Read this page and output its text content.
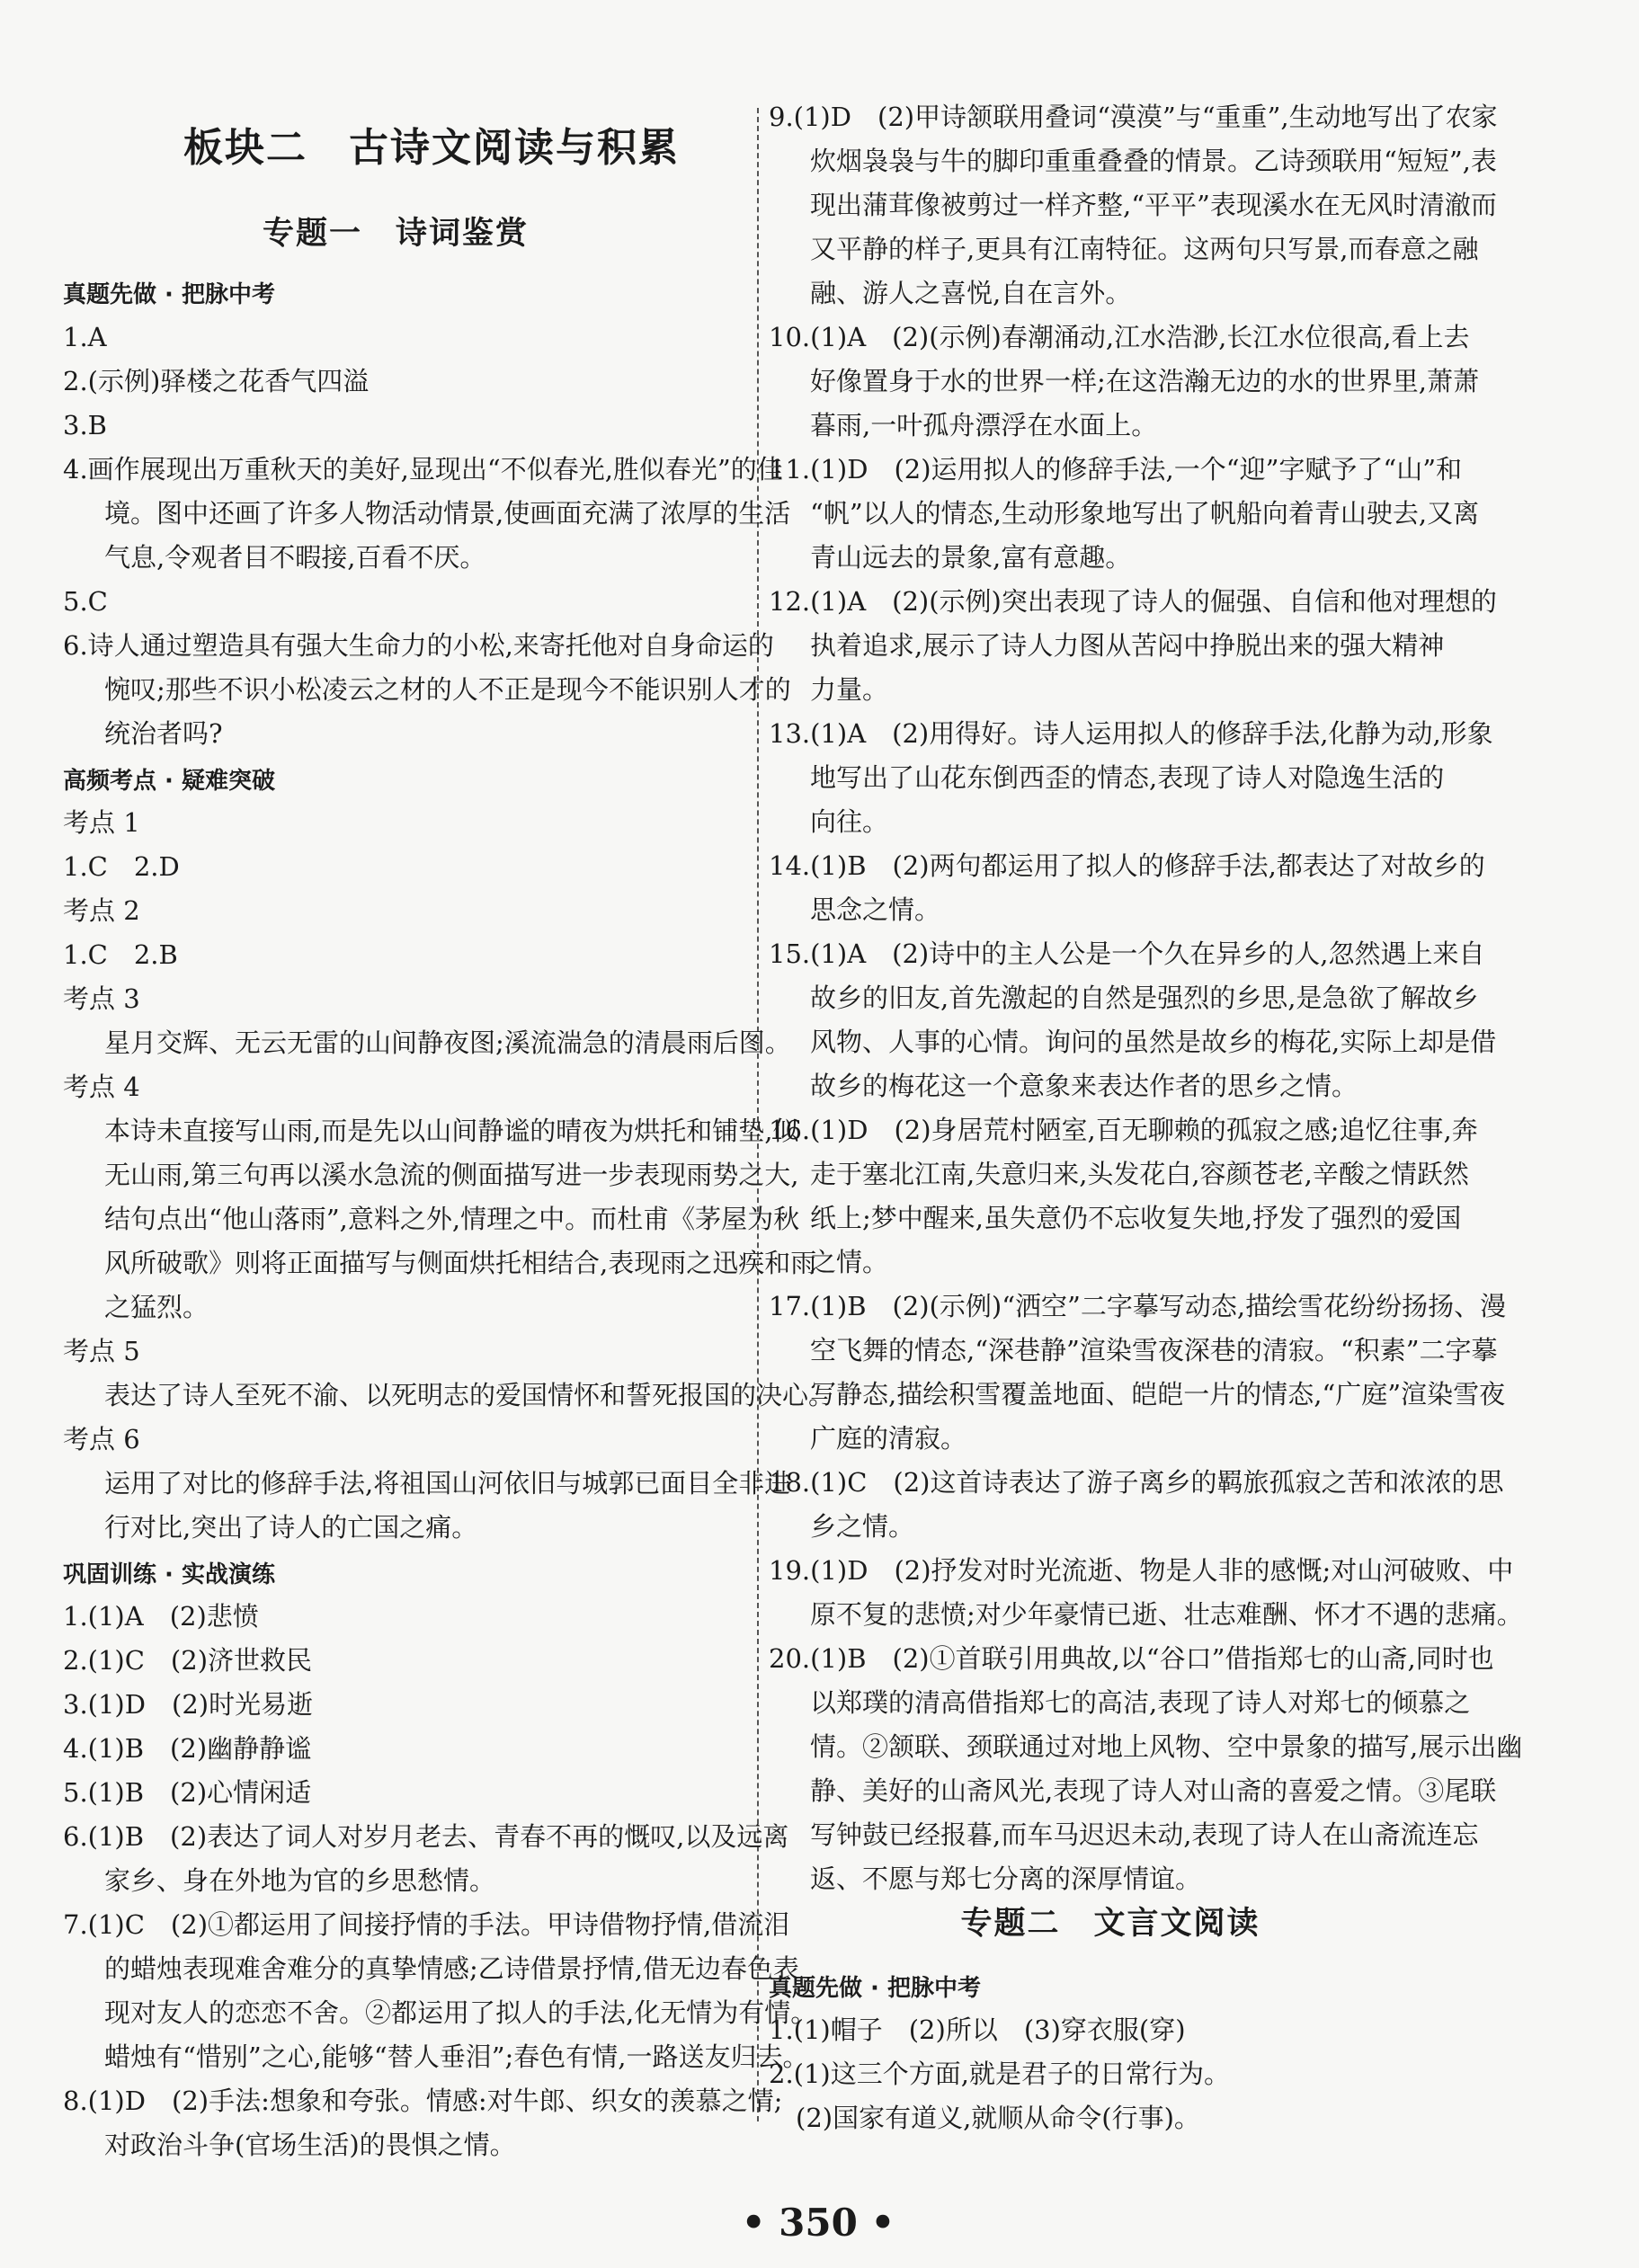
板块二　古诗文阅读与积累
专题一　诗词鉴赏
真题先做 · 把脉中考
1.A
2.(示例)驿楼之花香气四溢
3.B
4.画作展现出万重秋天的美好,显现出“不似春光,胜似春光”的佳
境。图中还画了许多人物活动情景,使画面充满了浓厚的生活
气息,令观者目不暇接,百看不厌。
5.C
6.诗人通过塑造具有强大生命力的小松,来寄托他对自身命运的
惋叹;那些不识小松凌云之材的人不正是现今不能识别人才的
统治者吗?
高频考点 · 疑难突破
考点 1
1.C　2.D
考点 2
1.C　2.B
考点 3
星月交辉、无云无雷的山间静夜图;溪流湍急的清晨雨后图。
考点 4
本诗未直接写山雨,而是先以山间静谧的晴夜为烘托和铺垫,似
无山雨,第三句再以溪水急流的侧面描写进一步表现雨势之大,
结句点出“他山落雨”,意料之外,情理之中。而杜甫《茅屋为秋
风所破歌》则将正面描写与侧面烘托相结合,表现雨之迅疾和雨
之猛烈。
考点 5
表达了诗人至死不渝、以死明志的爱国情怀和誓死报国的决心。
考点 6
运用了对比的修辞手法,将祖国山河依旧与城郭已面目全非进
行对比,突出了诗人的亡国之痛。
巩固训练 · 实战演练
1.(1)A　(2)悲愤
2.(1)C　(2)济世救民
3.(1)D　(2)时光易逝
4.(1)B　(2)幽静静谧
5.(1)B　(2)心情闲适
6.(1)B　(2)表达了词人对岁月老去、青春不再的慨叹,以及远离
家乡、身在外地为官的乡思愁情。
7.(1)C　(2)①都运用了间接抒情的手法。甲诗借物抒情,借流泪
的蜡烛表现难舍难分的真挚情感;乙诗借景抒情,借无边春色表
现对友人的恋恋不舍。②都运用了拟人的手法,化无情为有情。
蜡烛有“惜别”之心,能够“替人垂泪”;春色有情,一路送友归去。
8.(1)D　(2)手法:想象和夸张。情感:对牛郎、织女的羡慕之情;
对政治斗争(官场生活)的畏惧之情。
9.(1)D　(2)甲诗颔联用叠词“漠漠”与“重重”,生动地写出了农家
炊烟袅袅与牛的脚印重重叠叠的情景。乙诗颈联用“短短”,表
现出蒲茸像被剪过一样齐整,“平平”表现溪水在无风时清澈而
又平静的样子,更具有江南特征。这两句只写景,而春意之融
融、游人之喜悦,自在言外。
10.(1)A　(2)(示例)春潮涌动,江水浩渺,长江水位很高,看上去
好像置身于水的世界一样;在这浩瀚无边的水的世界里,萧萧
暮雨,一叶孤舟漂浮在水面上。
11.(1)D　(2)运用拟人的修辞手法,一个“迎”字赋予了“山”和
“帆”以人的情态,生动形象地写出了帆船向着青山驶去,又离
青山远去的景象,富有意趣。
12.(1)A　(2)(示例)突出表现了诗人的倔强、自信和他对理想的
执着追求,展示了诗人力图从苦闷中挣脱出来的强大精神
力量。
13.(1)A　(2)用得好。诗人运用拟人的修辞手法,化静为动,形象
地写出了山花东倒西歪的情态,表现了诗人对隐逸生活的
向往。
14.(1)B　(2)两句都运用了拟人的修辞手法,都表达了对故乡的
思念之情。
15.(1)A　(2)诗中的主人公是一个久在异乡的人,忽然遇上来自
故乡的旧友,首先激起的自然是强烈的乡思,是急欲了解故乡
风物、人事的心情。询问的虽然是故乡的梅花,实际上却是借
故乡的梅花这一个意象来表达作者的思乡之情。
16.(1)D　(2)身居荒村陋室,百无聊赖的孤寂之感;追忆往事,奔
走于塞北江南,失意归来,头发花白,容颜苍老,辛酸之情跃然
纸上;梦中醒来,虽失意仍不忘收复失地,抒发了强烈的爱国
之情。
17.(1)B　(2)(示例)“洒空”二字摹写动态,描绘雪花纷纷扬扬、漫
空飞舞的情态,“深巷静”渲染雪夜深巷的清寂。“积素”二字摹
写静态,描绘积雪覆盖地面、皑皑一片的情态,“广庭”渲染雪夜
广庭的清寂。
18.(1)C　(2)这首诗表达了游子离乡的羁旅孤寂之苦和浓浓的思
乡之情。
19.(1)D　(2)抒发对时光流逝、物是人非的感慨;对山河破败、中
原不复的悲愤;对少年豪情已逝、壮志难酬、怀才不遇的悲痛。
20.(1)B　(2)①首联引用典故,以“谷口”借指郑七的山斋,同时也
以郑璞的清高借指郑七的高洁,表现了诗人对郑七的倾慕之
情。②颔联、颈联通过对地上风物、空中景象的描写,展示出幽
静、美好的山斋风光,表现了诗人对山斋的喜爱之情。③尾联
写钟鼓已经报暮,而车马迟迟未动,表现了诗人在山斋流连忘
返、不愿与郑七分离的深厚情谊。
专题二　文言文阅读
真题先做 · 把脉中考
1.(1)帽子　(2)所以　(3)穿衣服(穿)
2.(1)这三个方面,就是君子的日常行为。
(2)国家有道义,就顺从命令(行事)。
• 350 •
